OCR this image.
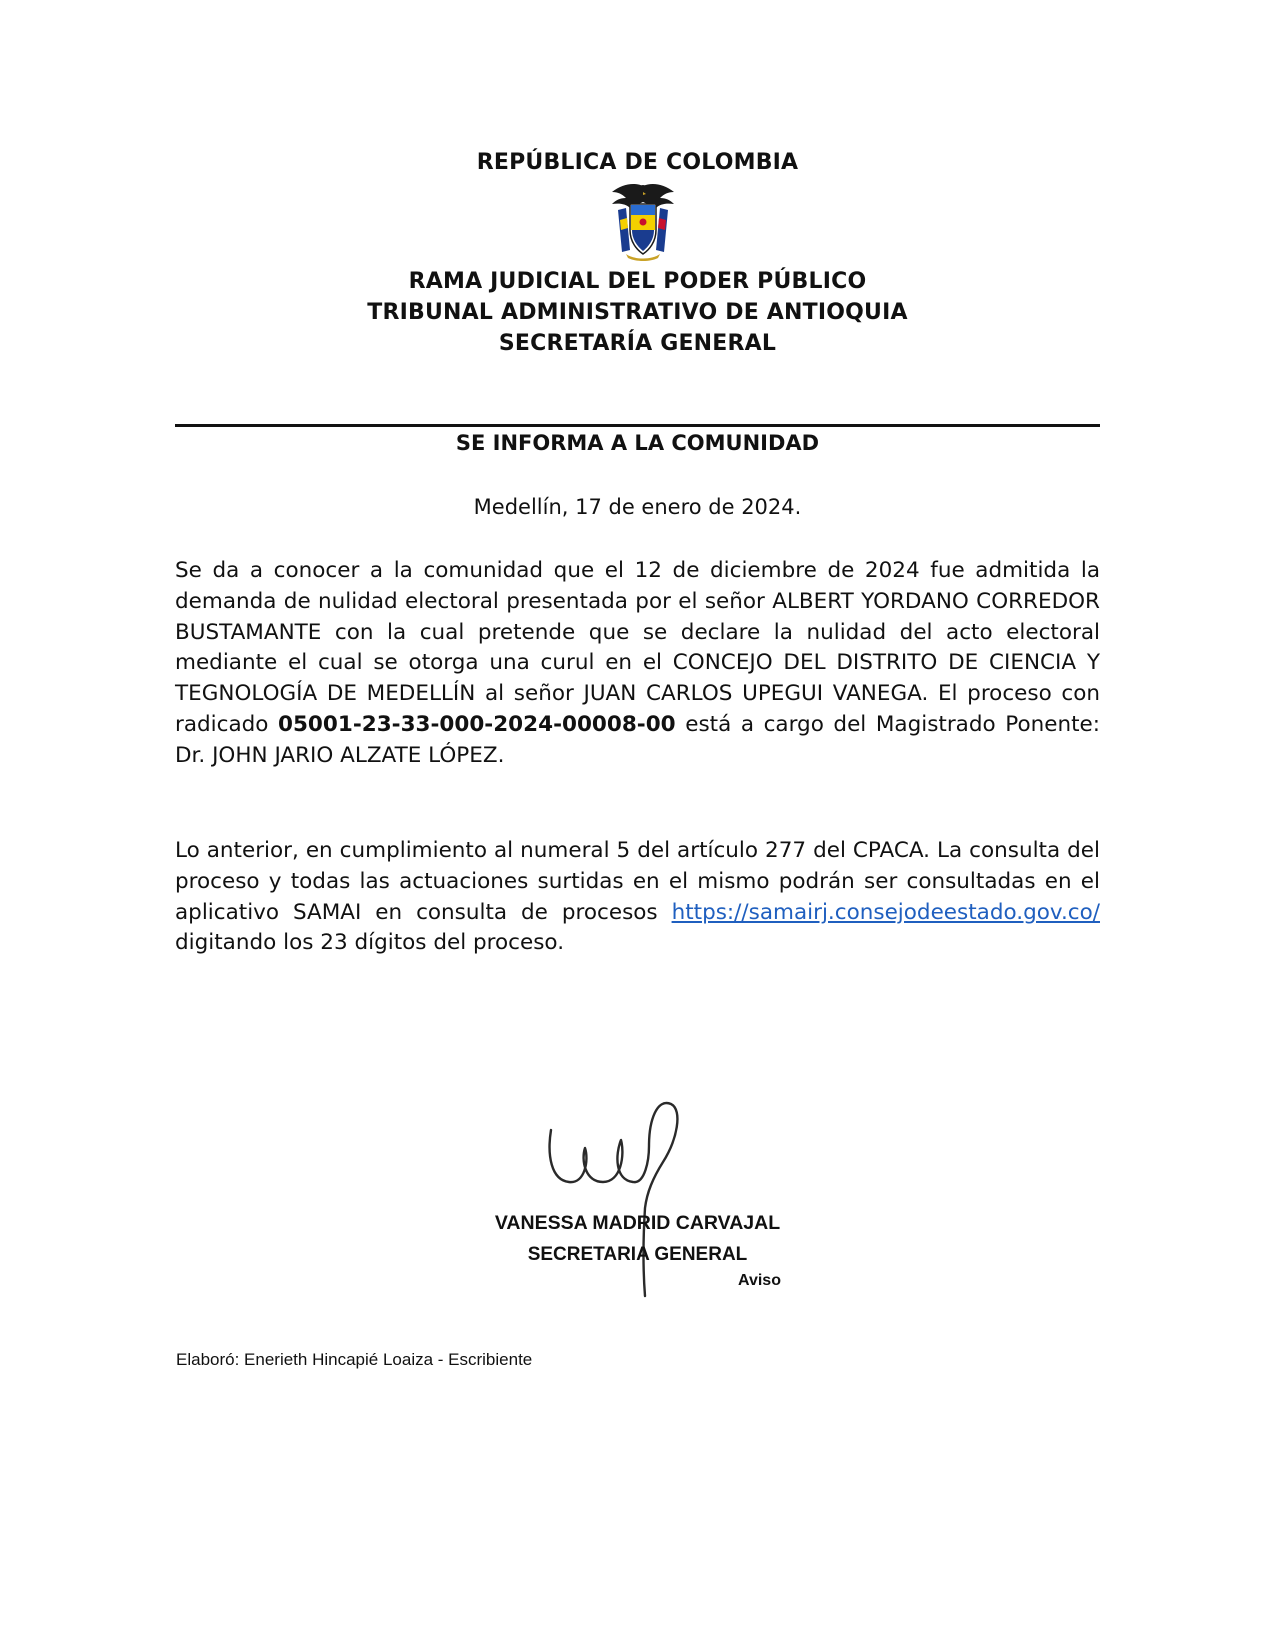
REPÚBLICA DE COLOMBIA
RAMA JUDICIAL DEL PODER PÚBLICO
TRIBUNAL ADMINISTRATIVO DE ANTIOQUIA
SECRETARÍA GENERAL
SE INFORMA A LA COMUNIDAD

Medellín, 17 de enero de 2024.

Se da a conocer a la comunidad que el 12 de diciembre de 2024 fue admitida la demanda de nulidad electoral presentada por el señor ALBERT YORDANO CORREDOR BUSTAMANTE con la cual pretende que se declare la nulidad del acto electoral mediante el cual se otorga una curul en el CONCEJO DEL DISTRITO DE CIENCIA Y TEGNOLOGÍA DE MEDELLÍN al señor JUAN CARLOS UPEGUI VANEGA. El proceso con radicado 05001-23-33-000-2024-00008-00 está a cargo del Magistrado Ponente: Dr. JOHN JARIO ALZATE LÓPEZ.

Lo anterior, en cumplimiento al numeral 5 del artículo 277 del CPACA. La consulta del proceso y todas las actuaciones surtidas en el mismo podrán ser consultadas en el aplicativo SAMAI en consulta de procesos https://samairj.consejodeestado.gov.co/ digitando los 23 dígitos del proceso.

VANESSA MADRID CARVAJAL

SECRETARIA GENERAL

Aviso

Elaboró: Enerieth Hincapié Loaiza - Escribiente
